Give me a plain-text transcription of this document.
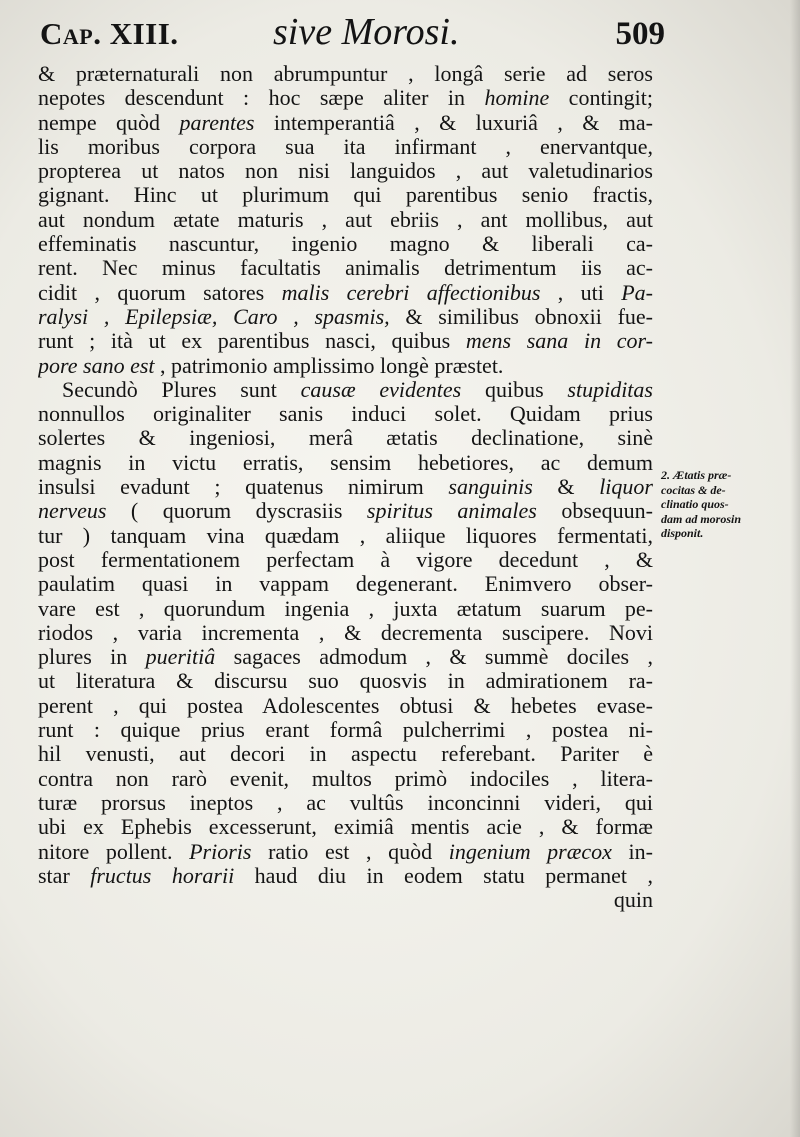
Cap. XIII. sive Morosi.	509
& præternaturali non abrumpuntur , longâ serie ad seros
nepotes descendunt : hoc sæpe aliter in homine contingit;
nempe quòd parentes intemperantiâ , & luxuriâ , & ma-
lis moribus corpora sua ita infirmant , enervantque,
propterea ut natos non nisi languidos , aut valetudinarios
gignant. Hinc ut plurimum qui parentibus senio fractis,
aut nondum ætate maturis , aut ebriis , ant mollibus, aut
effeminatis nascuntur, ingenio magno & liberali ca-
rent. Nec minus facultatis animalis detrimentum iis ac-
cidit , quorum satores malis cerebri affectionibus , uti Pa-
ralysi , Epilepsiæ, Caro , spasmis, & similibus obnoxii fue-
runt ; ità ut ex parentibus nasci, quibus mens sana in cor-
pore sano est , patrimonio amplissimo longè præstet.
Secundò Plures sunt causæ evidentes quibus stupiditas
nonnullos originaliter sanis induci solet. Quidam prius
solertes & ingeniosi, merâ ætatis declinatione, sinè
magnis in victu erratis, sensim hebetiores, ac demum
insulsi evadunt ; quatenus nimirum sanguinis & liquor
nerveus ( quorum dyscrasiis spiritus animales obsequun-
tur ) tanquam vina quædam , aliique liquores fermentati,
post fermentationem perfectam à vigore decedunt , &
paulatim quasi in vappam degenerant. Enimvero obser-
vare est , quorundum ingenia , juxta ætatum suarum pe-
riodos , varia incrementa , & decrementa suscipere. Novi
plures in pueritiâ sagaces admodum , & summè dociles ,
ut literatura & discursu suo quosvis in admirationem ra-
perent , qui postea Adolescentes obtusi & hebetes evase-
runt : quique prius erant formâ pulcherrimi , postea ni-
hil venusti, aut decori in aspectu referebant. Pariter è
contra non rarò evenit, multos primò indociles , litera-
turæ prorsus ineptos , ac vultûs inconcinni videri, qui
ubi ex Ephebis excesserunt, eximiâ mentis acie , & formæ
nitore pollent. Prioris ratio est , quòd ingenium præcox in-
star fructus horarii haud diu in eodem statu permanet ,
quin
2. Ætatis præ-
cocitas & de-
clinatio quos-
dam ad morosin
disponit.
